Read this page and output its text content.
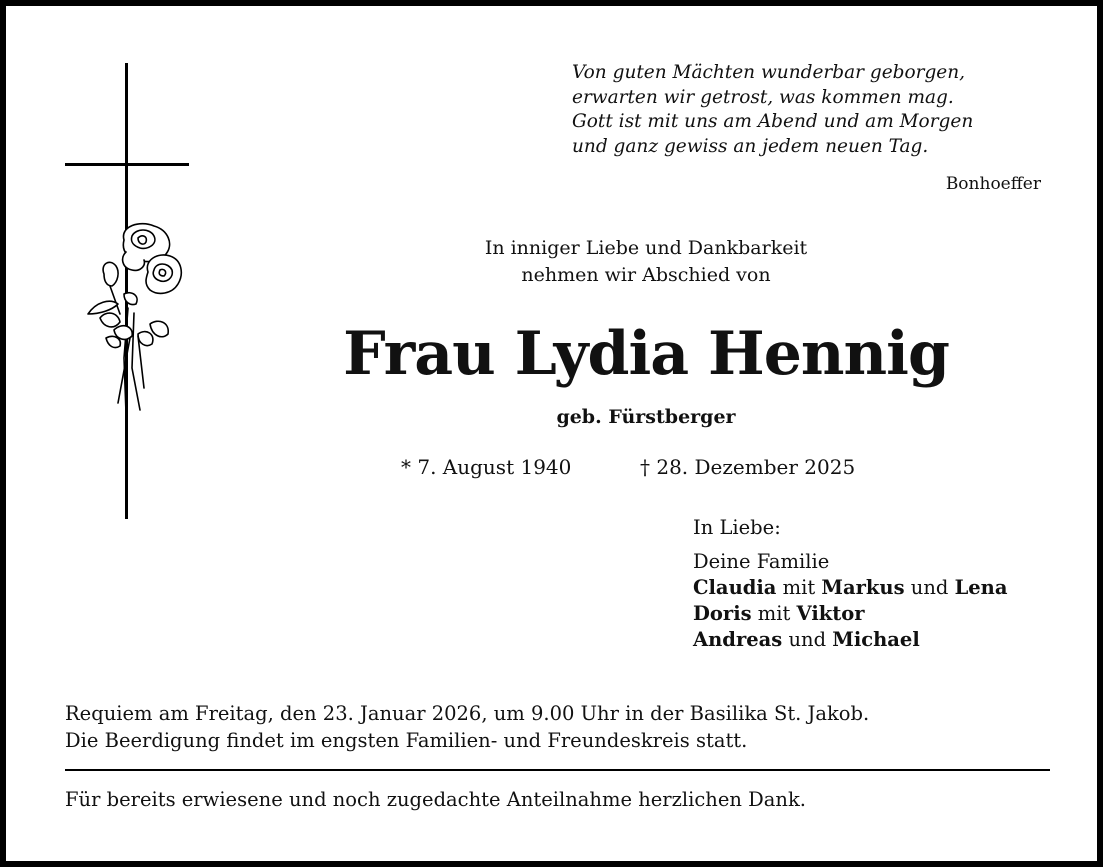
Von guten Mächten wunderbar geborgen,
erwarten wir getrost, was kommen mag.
Gott ist mit uns am Abend und am Morgen
und ganz gewiss an jedem neuen Tag.
Bonhoeffer
In inniger Liebe und Dankbarkeit
nehmen wir Abschied von
Frau Lydia Hennig
geb. Fürstberger
* 7. August 1940	† 28. Dezember 2025
In Liebe:
Deine Familie
Claudia mit Markus und Lena
Doris mit Viktor
Andreas und Michael
Requiem am Freitag, den 23. Januar 2026, um 9.00 Uhr in der Basilika St. Jakob.
Die Beerdigung findet im engsten Familien- und Freundeskreis statt.
Für bereits erwiesene und noch zugedachte Anteilnahme herzlichen Dank.
